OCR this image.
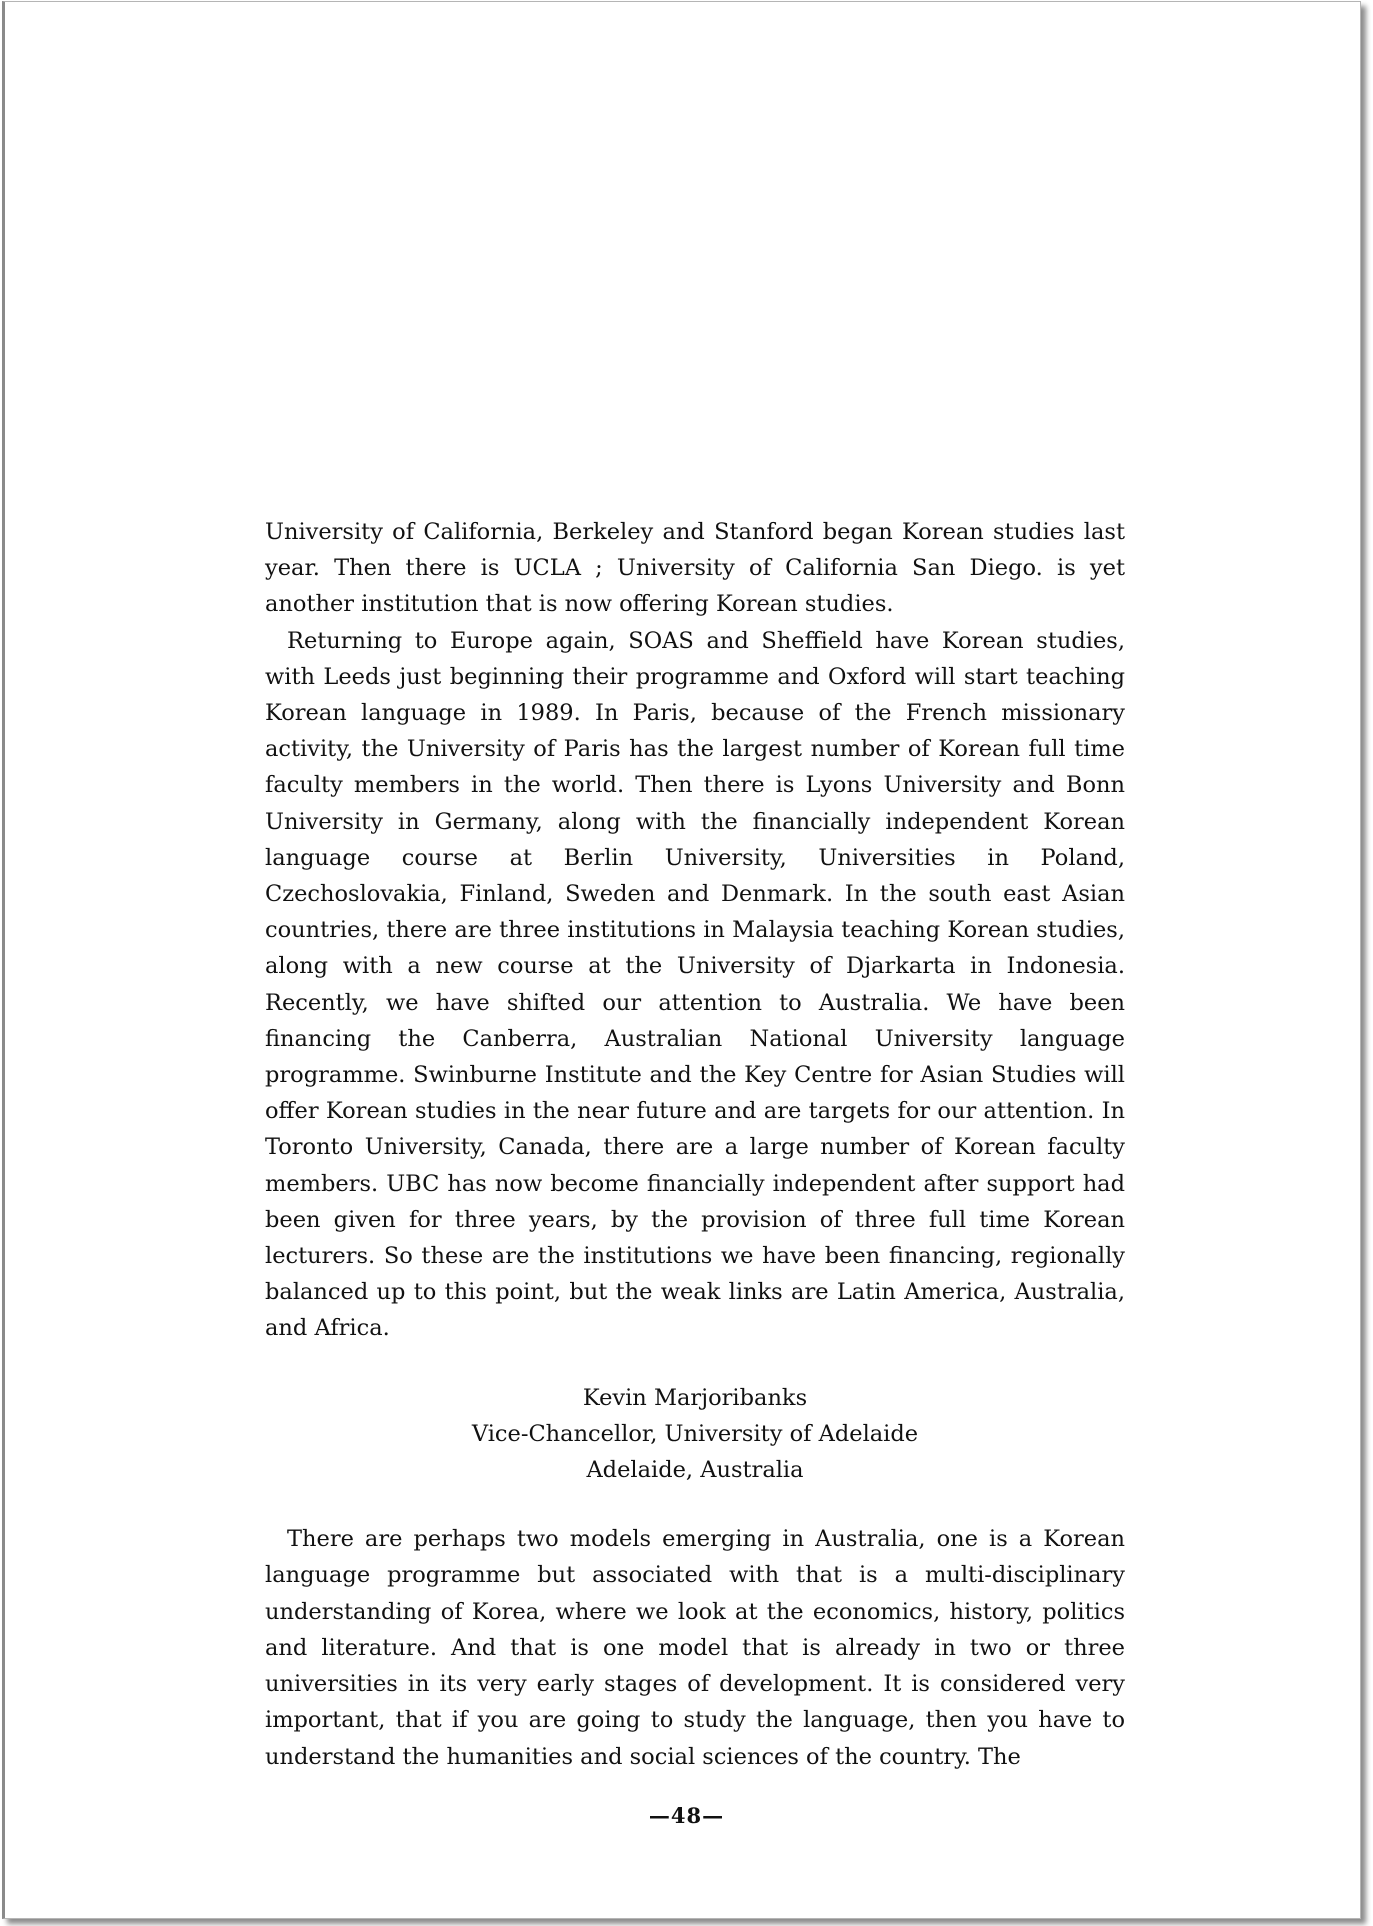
University of California, Berkeley and Stanford began Korean studies last year. Then there is UCLA ; University of California San Diego. is yet another institution that is now offering Korean studies.

Returning to Europe again, SOAS and Sheffield have Korean studies, with Leeds just beginning their programme and Oxford will start teaching Korean language in 1989. In Paris, because of the French missionary activity, the University of Paris has the largest number of Korean full time faculty members in the world. Then there is Lyons University and Bonn University in Germany, along with the financially independent Korean language course at Berlin University, Universities in Poland, Czechoslovakia, Finland, Sweden and Denmark. In the south east Asian countries, there are three institutions in Malaysia teaching Korean studies, along with a new course at the University of Djarkarta in Indonesia. Recently, we have shifted our attention to Australia. We have been financing the Canberra, Australian National University language programme. Swinburne Institute and the Key Centre for Asian Studies will offer Korean studies in the near future and are targets for our attention. In Toronto University, Canada, there are a large number of Korean faculty members. UBC has now become financially independent after support had been given for three years, by the provision of three full time Korean lecturers. So these are the institutions we have been financing, regionally balanced up to this point, but the weak links are Latin America, Australia, and Africa.

Kevin Marjoribanks
Vice-Chancellor, University of Adelaide
Adelaide, Australia

There are perhaps two models emerging in Australia, one is a Korean language programme but associated with that is a multi-disciplinary understanding of Korea, where we look at the economics, history, politics and literature. And that is one model that is already in two or three universities in its very early stages of development. It is considered very important, that if you are going to study the language, then you have to understand the humanities and social sciences of the country. The

—48—
